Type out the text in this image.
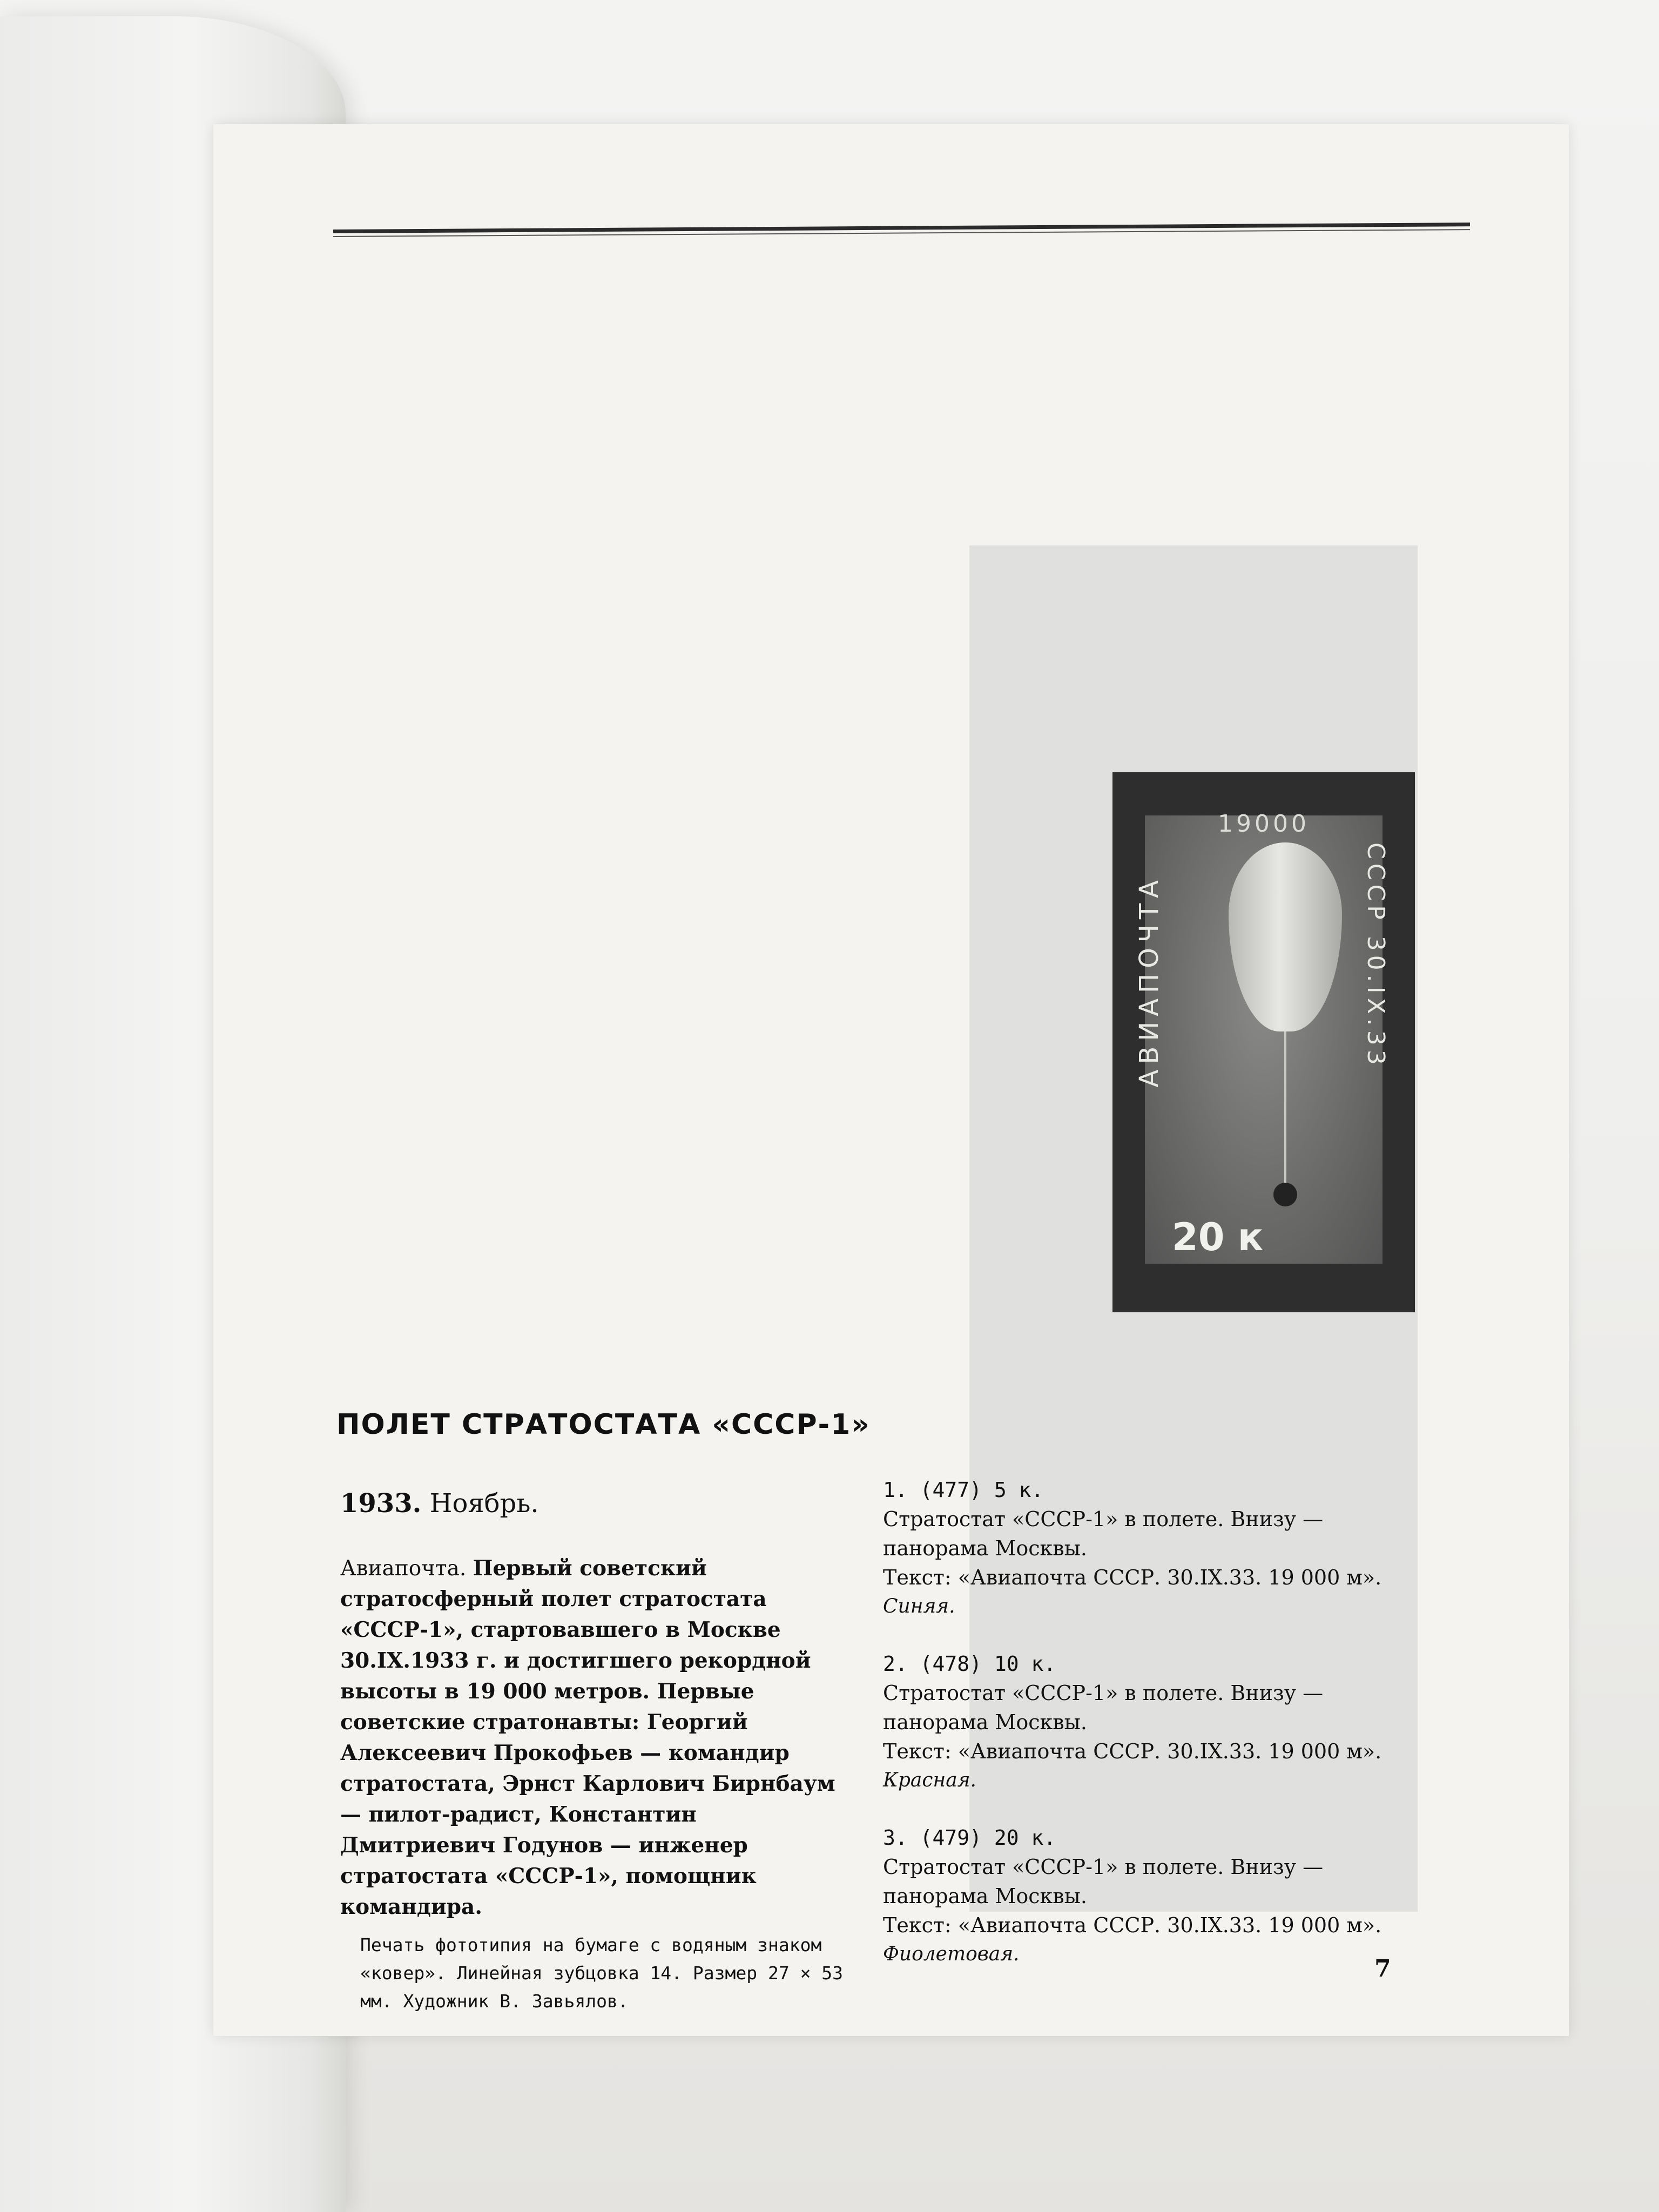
19000
АВИАПОЧТА	СССР 30.IX.33
20 к
ПОЛЕТ СТРАТОСТАТА «СССР-1»
1933. Ноябрь.

Авиапочта. Первый советский стратосферный полет стратостата «СССР-1», стартовавшего в Москве 30.IX.1933 г. и достигшего рекордной высоты в 19 000 метров. Первые советские стратонавты: Георгий Алексеевич Прокофьев — командир стратостата, Эрнст Карлович Бирнбаум — пилот-радист, Константин Дмитриевич Годунов — инженер стратостата «СССР-1», помощник командира.

Печать фототипия на бумаге с водяным знаком «ковер». Линейная зубцовка 14. Размер 27 × 53 мм. Художник В. Завьялов.

1. (477) 5 к.
Стратостат «СССР-1» в полете. Внизу — панорама Москвы.
Текст: «Авиапочта СССР. 30.IX.33. 19 000 м».
Синяя.
2. (478) 10 к.
Стратостат «СССР-1» в полете. Внизу — панорама Москвы.
Текст: «Авиапочта СССР. 30.IX.33. 19 000 м».
Красная.
3. (479) 20 к.
Стратостат «СССР-1» в полете. Внизу — панорама Москвы.
Текст: «Авиапочта СССР. 30.IX.33. 19 000 м».
Фиолетовая.
7
